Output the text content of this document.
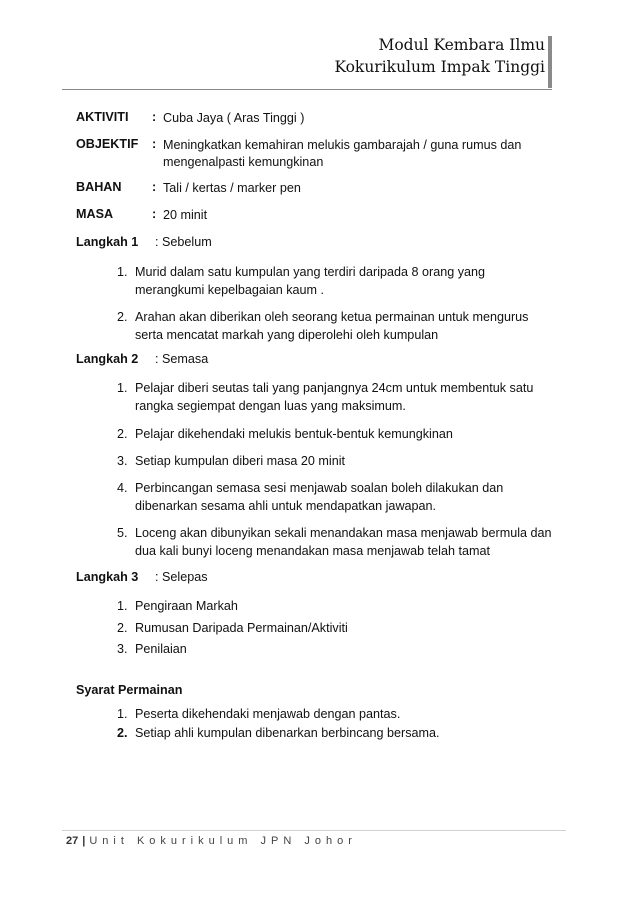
Modul Kembara Ilmu
Kokurikulum Impak Tinggi
AKTIVITI : Cuba Jaya ( Aras Tinggi )
OBJEKTIF : Meningkatkan kemahiran melukis gambarajah / guna rumus dan
mengenalpasti kemungkinan
BAHAN : Tali / kertas / marker pen
MASA	: 20 minit
Langkah 1 : Sebelum
1. Murid dalam satu kumpulan yang terdiri daripada 8 orang yang
merangkumi kepelbagaian kaum .
2. Arahan akan diberikan oleh seorang ketua permainan untuk mengurus
serta mencatat markah yang diperolehi oleh kumpulan
Langkah 2 : Semasa
1. Pelajar diberi seutas tali yang panjangnya 24cm untuk membentuk satu
rangka segiempat dengan luas yang maksimum.
2. Pelajar dikehendaki melukis bentuk-bentuk kemungkinan
3. Setiap kumpulan diberi masa 20 minit
4. Perbincangan semasa sesi menjawab soalan boleh dilakukan dan
dibenarkan sesama ahli untuk mendapatkan jawapan.
5. Loceng akan dibunyikan sekali menandakan masa menjawab bermula dan
dua kali bunyi loceng menandakan masa menjawab telah tamat
Langkah 3 : Selepas
1. Pengiraan Markah
2. Rumusan Daripada Permainan/Aktiviti
3. Penilaian
Syarat Permainan
1. Peserta dikehendaki menjawab dengan pantas.
2. Setiap ahli kumpulan dibenarkan berbincang bersama.
27 | Unit Kokurikulum JPN Johor
